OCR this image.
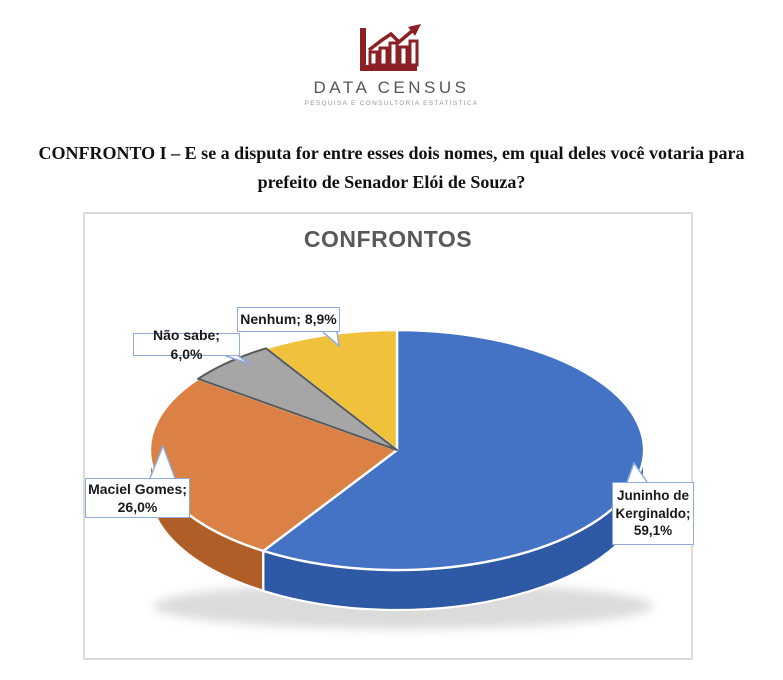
DATA CENSUS
PESQUISA E CONSULTORIA ESTATÍSTICA
CONFRONTO I – E se a disputa for entre esses dois nomes, em qual deles você votaria para
prefeito de Senador Elói de Souza?
CONFRONTOS
Nenhum; 8,9%
Não sabe; 6,0%
Maciel Gomes; 26,0%
Juninho de Kerginaldo; 59,1%
